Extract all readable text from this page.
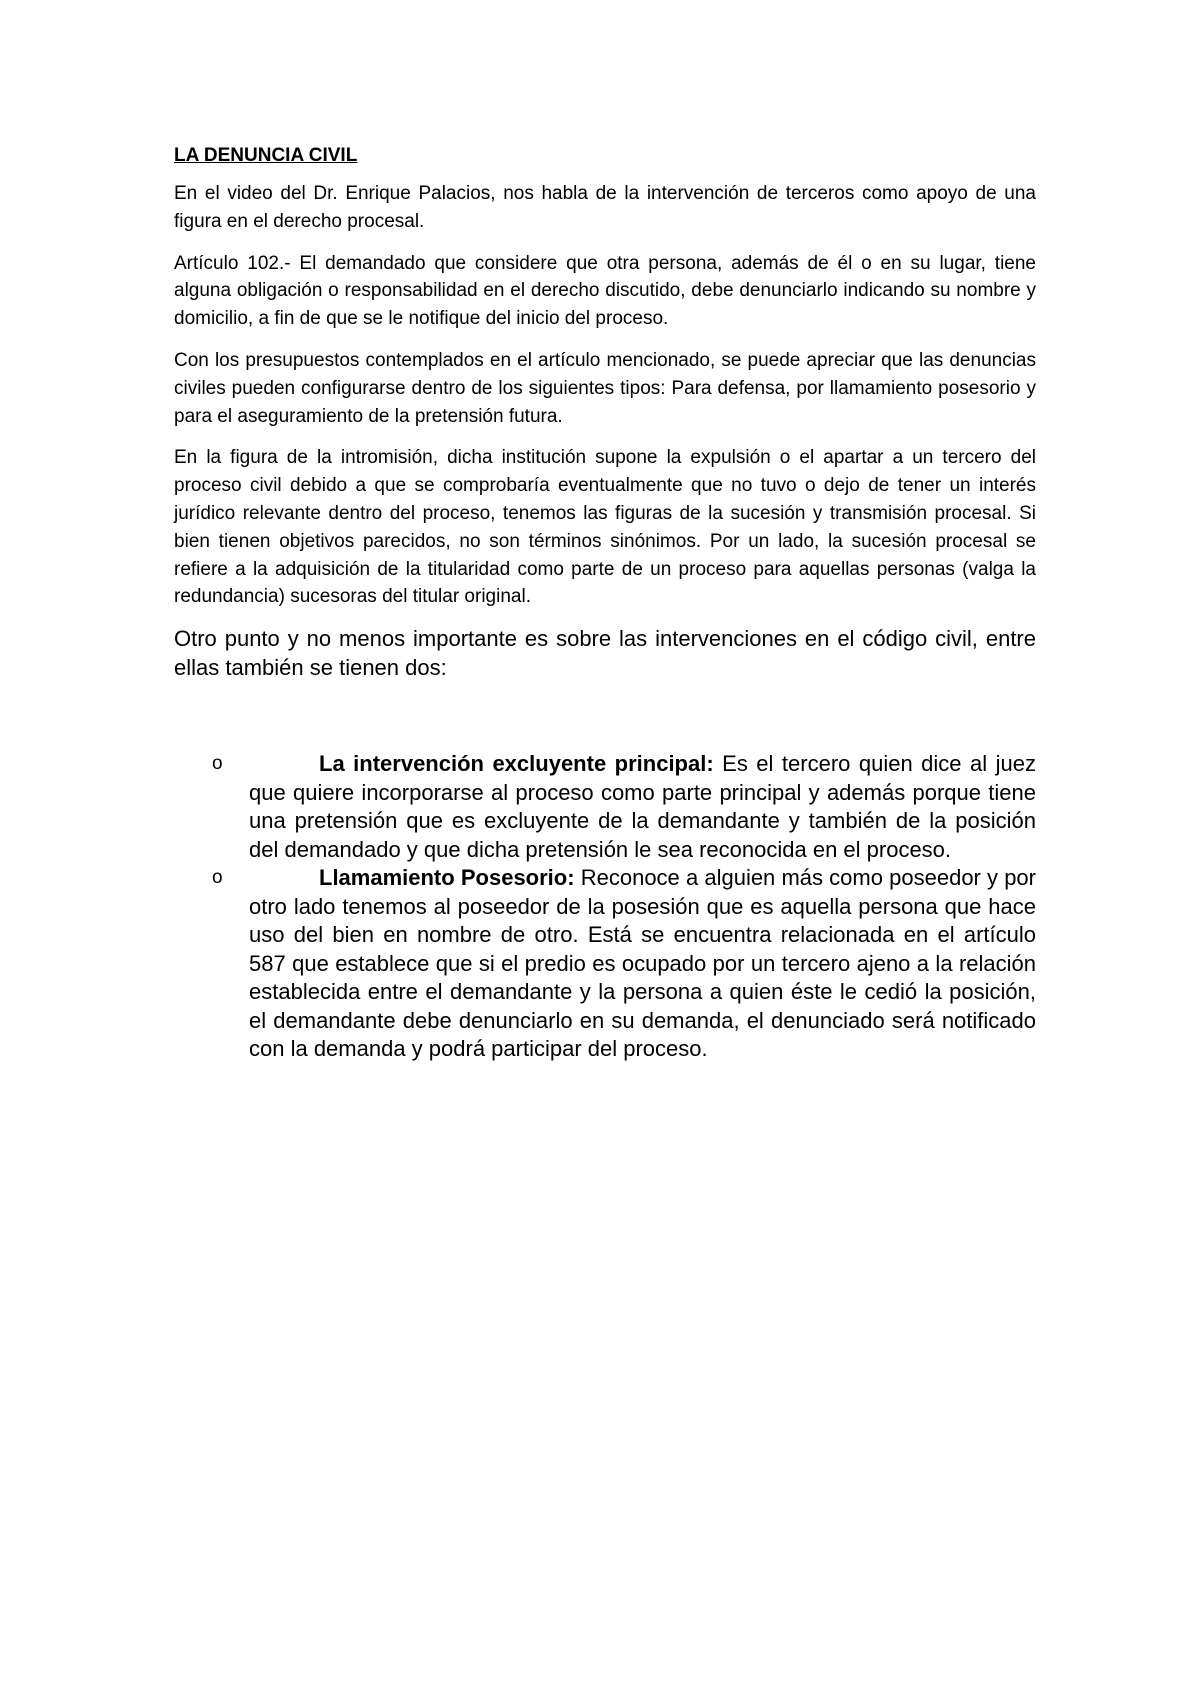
LA DENUNCIA CIVIL

En el video del Dr. Enrique Palacios, nos habla de la intervención de terceros como apoyo de una figura en el derecho procesal.

Artículo 102.- El demandado que considere que otra persona, además de él o en su lugar, tiene alguna obligación o responsabilidad en el derecho discutido, debe denunciarlo indicando su nombre y domicilio, a fin de que se le notifique del inicio del proceso.

Con los presupuestos contemplados en el artículo mencionado, se puede apreciar que las denuncias civiles pueden configurarse dentro de los siguientes tipos: Para defensa, por llamamiento posesorio y para el aseguramiento de la pretensión futura.

En la figura de la intromisión, dicha institución supone la expulsión o el apartar a un tercero del proceso civil debido a que se comprobaría eventualmente que no tuvo o dejo de tener un interés jurídico relevante dentro del proceso, tenemos las figuras de la sucesión y transmisión procesal. Si bien tienen objetivos parecidos, no son términos sinónimos. Por un lado, la sucesión procesal se refiere a la adquisición de la titularidad como parte de un proceso para aquellas personas (valga la redundancia) sucesoras del titular original.

Otro punto y no menos importante es sobre las intervenciones en el código civil, entre ellas también se tienen dos:

o	La intervención excluyente principal: Es el tercero quien dice al juez que quiere incorporarse al proceso como parte principal y además porque tiene una pretensión que es excluyente de la demandante y también de la posición del demandado y que dicha pretensión le sea reconocida en el proceso.
o	Llamamiento Posesorio: Reconoce a alguien más como poseedor y por otro lado tenemos al poseedor de la posesión que es aquella persona que hace uso del bien en nombre de otro. Está se encuentra relacionada en el artículo 587 que establece que si el predio es ocupado por un tercero ajeno a la relación establecida entre el demandante y la persona a quien éste le cedió la posición, el demandante debe denunciarlo en su demanda, el denunciado será notificado con la demanda y podrá participar del proceso.
